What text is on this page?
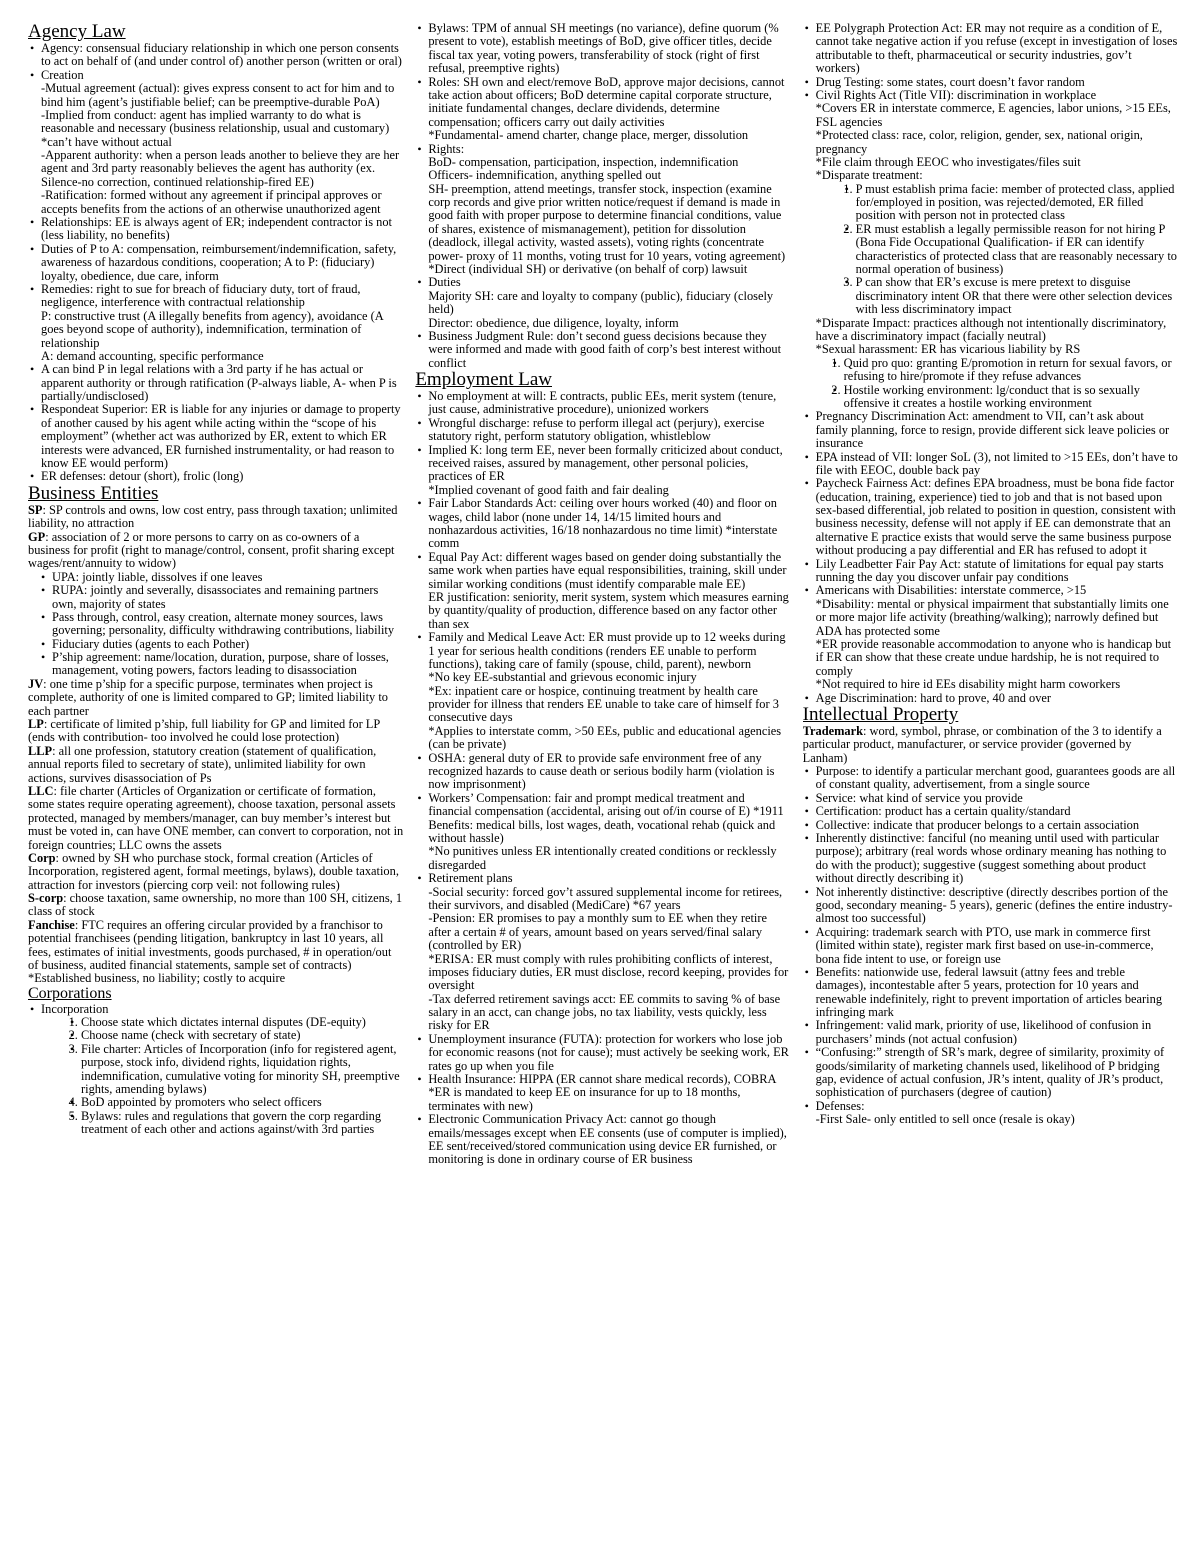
Agency Law
• Agency: consensual fiduciary relationship in which one person consents to act on behalf of (and under control of) another person (written or oral)
• Creation
-Mutual agreement (actual): gives express consent to act for him and to bind him (agent’s justifiable belief; can be preemptive-durable PoA)
-Implied from conduct: agent has implied warranty to do what is reasonable and necessary (business relationship, usual and customary) *can’t have without actual
-Apparent authority: when a person leads another to believe they are her agent and 3rd party reasonably believes the agent has authority (ex. Silence-no correction, continued relationship-fired EE)
-Ratification: formed without any agreement if principal approves or accepts benefits from the actions of an otherwise unauthorized agent
• Relationships: EE is always agent of ER; independent contractor is not (less liability, no benefits)
• Duties of P to A: compensation, reimbursement/indemnification, safety, awareness of hazardous conditions, cooperation; A to P: (fiduciary) loyalty, obedience, due care, inform
• Remedies: right to sue for breach of fiduciary duty, tort of fraud, negligence, interference with contractual relationship
P: constructive trust (A illegally benefits from agency), avoidance (A goes beyond scope of authority), indemnification, termination of relationship
A: demand accounting, specific performance
• A can bind P in legal relations with a 3rd party if he has actual or apparent authority or through ratification (P-always liable, A- when P is partially/undisclosed)
• Respondeat Superior: ER is liable for any injuries or damage to property of another caused by his agent while acting within the “scope of his employment” (whether act was authorized by ER, extent to which ER interests were advanced, ER furnished instrumentality, or had reason to know EE would perform)
• ER defenses: detour (short), frolic (long)
Business Entities

SP: SP controls and owns, low cost entry, pass through taxation; unlimited liability, no attraction

GP: association of 2 or more persons to carry on as co-owners of a business for profit (right to manage/control, consent, profit sharing except wages/rent/annuity to widow)

• UPA: jointly liable, dissolves if one leaves
• RUPA: jointly and severally, disassociates and remaining partners own, majority of states
• Pass through, control, easy creation, alternate money sources, laws governing; personality, difficulty withdrawing contributions, liability
• Fiduciary duties (agents to each Pother)
• P’ship agreement: name/location, duration, purpose, share of losses, management, voting powers, factors leading to disassociation

JV: one time p’ship for a specific purpose, terminates when project is complete, authority of one is limited compared to GP; limited liability to each partner

LP: certificate of limited p’ship, full liability for GP and limited for LP (ends with contribution- too involved he could lose protection)

LLP: all one profession, statutory creation (statement of qualification, annual reports filed to secretary of state), unlimited liability for own actions, survives disassociation of Ps

LLC: file charter (Articles of Organization or certificate of formation, some states require operating agreement), choose taxation, personal assets protected, managed by members/manager, can buy member’s interest but must be voted in, can have ONE member, can convert to corporation, not in foreign countries; LLC owns the assets

Corp: owned by SH who purchase stock, formal creation (Articles of Incorporation, registered agent, formal meetings, bylaws), double taxation, attraction for investors (piercing corp veil: not following rules)

S-corp: choose taxation, same ownership, no more than 100 SH, citizens, 1 class of stock

Fanchise: FTC requires an offering circular provided by a franchisor to potential franchisees (pending litigation, bankruptcy in last 10 years, all fees, estimates of initial investments, goods purchased, # in operation/out of business, audited financial statements, sample set of contracts)

*Established business, no liability; costly to acquire

Corporations
• Incorporation
• 1. Choose state which dictates internal disputes (DE-equity)
• 2. Choose name (check with secretary of state)
• 3. File charter: Articles of Incorporation (info for registered agent, purpose, stock info, dividend rights, liquidation rights, indemnification, cumulative voting for minority SH, preemptive rights, amending bylaws)
• 4. BoD appointed by promoters who select officers
• 5. Bylaws: rules and regulations that govern the corp regarding treatment of each other and actions against/with 3rd parties
• Bylaws: TPM of annual SH meetings (no variance), define quorum (% present to vote), establish meetings of BoD, give officer titles, decide fiscal tax year, voting powers, transferability of stock (right of first refusal, preemptive rights)
• Roles: SH own and elect/remove BoD, approve major decisions, cannot take action about officers; BoD determine capital corporate structure, initiate fundamental changes, declare dividends, determine compensation; officers carry out daily activities
*Fundamental- amend charter, change place, merger, dissolution
• Rights:
BoD- compensation, participation, inspection, indemnification
Officers- indemnification, anything spelled out
SH- preemption, attend meetings, transfer stock, inspection (examine corp records and give prior written notice/request if demand is made in good faith with proper purpose to determine financial conditions, value of shares, existence of mismanagement), petition for dissolution (deadlock, illegal activity, wasted assets), voting rights (concentrate power- proxy of 11 months, voting trust for 10 years, voting agreement)
*Direct (individual SH) or derivative (on behalf of corp) lawsuit
• Duties
Majority SH: care and loyalty to company (public), fiduciary (closely held)
Director: obedience, due diligence, loyalty, inform
• Business Judgment Rule: don’t second guess decisions because they were informed and made with good faith of corp’s best interest without conflict
Employment Law
• No employment at will: E contracts, public EEs, merit system (tenure, just cause, administrative procedure), unionized workers
• Wrongful discharge: refuse to perform illegal act (perjury), exercise statutory right, perform statutory obligation, whistleblow
• Implied K: long term EE, never been formally criticized about conduct, received raises, assured by management, other personal policies, practices of ER
*Implied covenant of good faith and fair dealing
• Fair Labor Standards Act: ceiling over hours worked (40) and floor on wages, child labor (none under 14, 14/15 limited hours and nonhazardous activities, 16/18 nonhazardous no time limit) *interstate comm
• Equal Pay Act: different wages based on gender doing substantially the same work when parties have equal responsibilities, training, skill under similar working conditions (must identify comparable male EE)
ER justification: seniority, merit system, system which measures earning by quantity/quality of production, difference based on any factor other than sex
• Family and Medical Leave Act: ER must provide up to 12 weeks during 1 year for serious health conditions (renders EE unable to perform functions), taking care of family (spouse, child, parent), newborn
*No key EE-substantial and grievous economic injury
*Ex: inpatient care or hospice, continuing treatment by health care provider for illness that renders EE unable to take care of himself for 3 consecutive days
*Applies to interstate comm, >50 EEs, public and educational agencies (can be private)
• OSHA: general duty of ER to provide safe environment free of any recognized hazards to cause death or serious bodily harm (violation is now imprisonment)
• Workers’ Compensation: fair and prompt medical treatment and financial compensation (accidental, arising out of/in course of E) *1911
Benefits: medical bills, lost wages, death, vocational rehab (quick and without hassle)
*No punitives unless ER intentionally created conditions or recklessly disregarded
• Retirement plans
-Social security: forced gov’t assured supplemental income for retirees, their survivors, and disabled (MediCare) *67 years
-Pension: ER promises to pay a monthly sum to EE when they retire after a certain # of years, amount based on years served/final salary (controlled by ER)
*ERISA: ER must comply with rules prohibiting conflicts of interest, imposes fiduciary duties, ER must disclose, record keeping, provides for oversight
-Tax deferred retirement savings acct: EE commits to saving % of base salary in an acct, can change jobs, no tax liability, vests quickly, less risky for ER
• Unemployment insurance (FUTA): protection for workers who lose job for economic reasons (not for cause); must actively be seeking work, ER rates go up when you file
• Health Insurance: HIPPA (ER cannot share medical records), COBRA *ER is mandated to keep EE on insurance for up to 18 months, terminates with new)
• Electronic Communication Privacy Act: cannot go though emails/messages except when EE consents (use of computer is implied), EE sent/received/stored communication using device ER furnished, or monitoring is done in ordinary course of ER business
• EE Polygraph Protection Act: ER may not require as a condition of E, cannot take negative action if you refuse (except in investigation of loses attributable to theft, pharmaceutical or security industries, gov’t workers)
• Drug Testing: some states, court doesn’t favor random
• Civil Rights Act (Title VII): discrimination in workplace
*Covers ER in interstate commerce, E agencies, labor unions, >15 EEs, FSL agencies
*Protected class: race, color, religion, gender, sex, national origin, pregnancy
*File claim through EEOC who investigates/files suit
*Disparate treatment:
• 1. P must establish prima facie: member of protected class, applied for/employed in position, was rejected/demoted, ER filled position with person not in protected class
• 2. ER must establish a legally permissible reason for not hiring P (Bona Fide Occupational Qualification- if ER can identify characteristics of protected class that are reasonably necessary to normal operation of business)
• 3. P can show that ER’s excuse is mere pretext to disguise discriminatory intent OR that there were other selection devices with less discriminatory impact
*Disparate Impact: practices although not intentionally discriminatory, have a discriminatory impact (facially neutral)
*Sexual harassment: ER has vicarious liability by RS
• 1. Quid pro quo: granting E/promotion in return for sexual favors, or refusing to hire/promote if they refuse advances
• 2. Hostile working environment: lg/conduct that is so sexually offensive it creates a hostile working environment
• Pregnancy Discrimination Act: amendment to VII, can’t ask about family planning, force to resign, provide different sick leave policies or insurance
• EPA instead of VII: longer SoL (3), not limited to >15 EEs, don’t have to file with EEOC, double back pay
• Paycheck Fairness Act: defines EPA broadness, must be bona fide factor (education, training, experience) tied to job and that is not based upon sex-based differential, job related to position in question, consistent with business necessity, defense will not apply if EE can demonstrate that an alternative E practice exists that would serve the same business purpose without producing a pay differential and ER has refused to adopt it
• Lily Leadbetter Fair Pay Act: statute of limitations for equal pay starts running the day you discover unfair pay conditions
• Americans with Disabilities: interstate commerce, >15
*Disability: mental or physical impairment that substantially limits one or more major life activity (breathing/walking); narrowly defined but ADA has protected some
*ER provide reasonable accommodation to anyone who is handicap but if ER can show that these create undue hardship, he is not required to comply
*Not required to hire id EEs disability might harm coworkers
• Age Discrimination: hard to prove, 40 and over
Intellectual Property

Trademark: word, symbol, phrase, or combination of the 3 to identify a particular product, manufacturer, or service provider (governed by Lanham)

• Purpose: to identify a particular merchant good, guarantees goods are all of constant quality, advertisement, from a single source
• Service: what kind of service you provide
• Certification: product has a certain quality/standard
• Collective: indicate that producer belongs to a certain association
• Inherently distinctive: fanciful (no meaning until used with particular purpose); arbitrary (real words whose ordinary meaning has nothing to do with the product); suggestive (suggest something about product without directly describing it)
• Not inherently distinctive: descriptive (directly describes portion of the good, secondary meaning- 5 years), generic (defines the entire industry- almost too successful)
• Acquiring: trademark search with PTO, use mark in commerce first (limited within state), register mark first based on use-in-commerce, bona fide intent to use, or foreign use
• Benefits: nationwide use, federal lawsuit (attny fees and treble damages), incontestable after 5 years, protection for 10 years and renewable indefinitely, right to prevent importation of articles bearing infringing mark
• Infringement: valid mark, priority of use, likelihood of confusion in purchasers’ minds (not actual confusion)
• “Confusing:” strength of SR’s mark, degree of similarity, proximity of goods/similarity of marketing channels used, likelihood of P bridging gap, evidence of actual confusion, JR’s intent, quality of JR’s product, sophistication of purchasers (degree of caution)
• Defenses:
-First Sale- only entitled to sell once (resale is okay)
